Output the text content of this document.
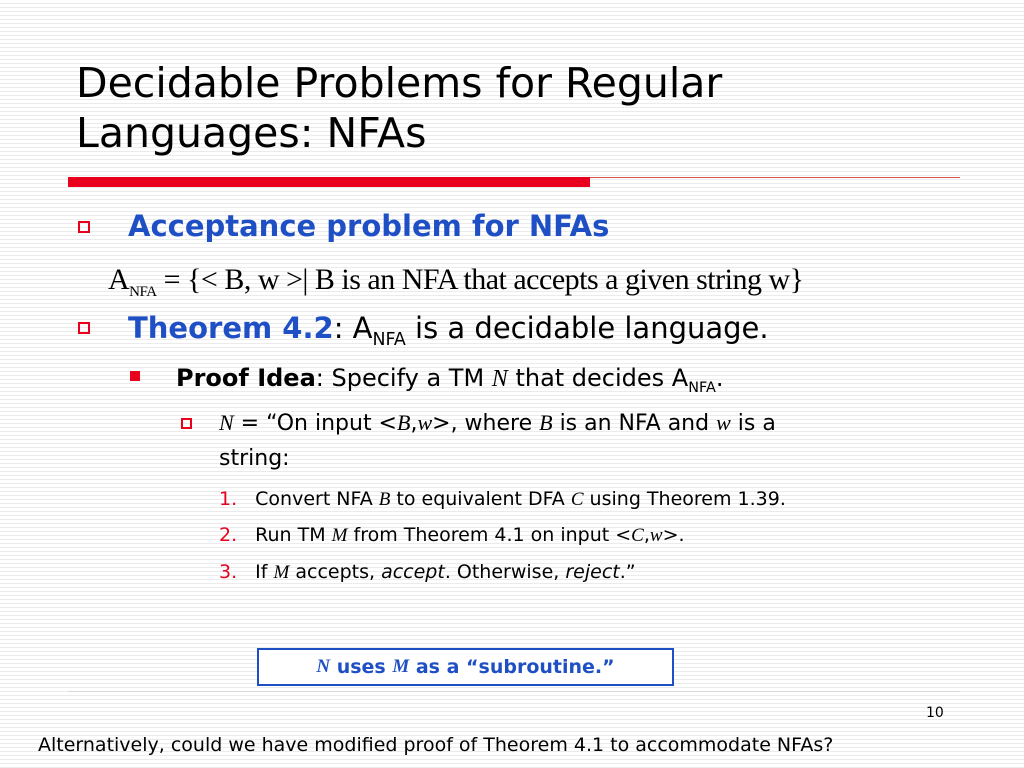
Decidable Problems for Regular
Languages: NFAs
Acceptance problem for NFAs
$A_{NFA}$ = {< B, w >| B is an NFA that accepts a given string w}
Theorem 4.2: $A_{NFA}$ is a decidable language.
Proof Idea: Specify a TM N that decides $A_{NFA}$.
N = “On input <B,w>, where B is an NFA and w is a
string:
1. Convert NFA B to equivalent DFA C using Theorem 1.39.
2. Run TM M from Theorem 4.1 on input <C,w>.
3. If M accepts, accept. Otherwise, reject.”
N uses M as a “subroutine.”
10
Alternatively, could we have modified proof of Theorem 4.1 to accommodate NFAs?
